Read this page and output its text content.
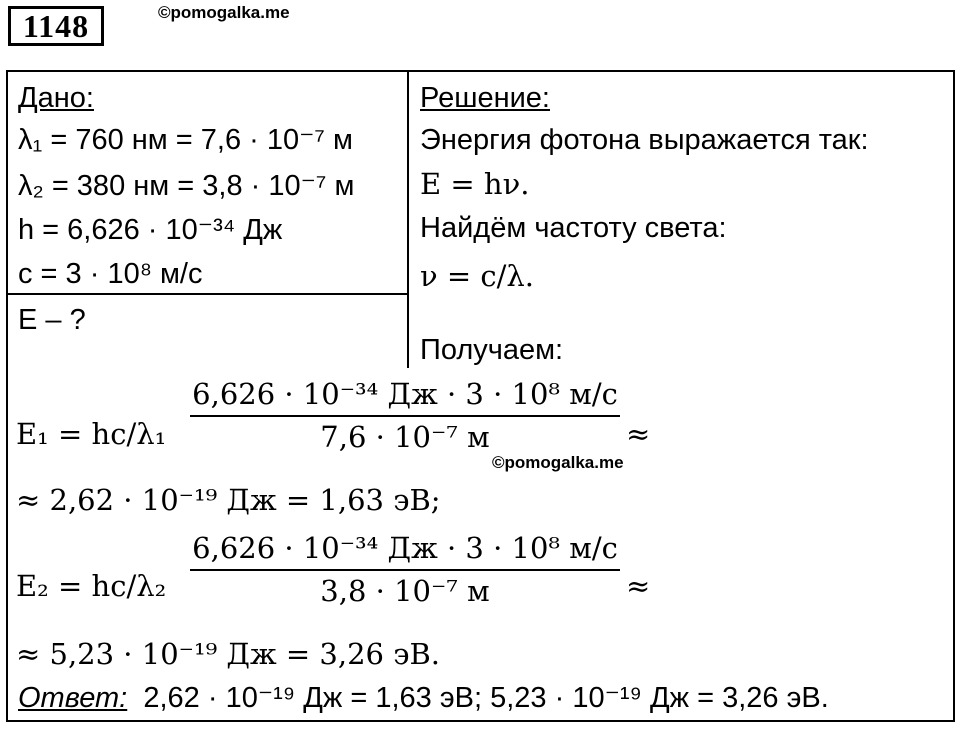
1148	©pomogalka.me
Дано:
λ₁ = 760 нм = 7,6 · 10⁻⁷ м
λ₂ = 380 нм = 3,8 · 10⁻⁷ м
h = 6,626 · 10⁻³⁴ Дж
c = 3 · 10⁸ м/с
E – ?
Решение:
Энергия фотона выражается так:
E = hν.
Найдём частоту света:
ν = c/λ.
Получаем:
E₁ = hc/λ₁
6,626 · 10⁻³⁴ Дж · 3 · 10⁸ м/с
7,6 · 10⁻⁷ м	≈
©pomogalka.me
≈ 2,62 · 10⁻¹⁹ Дж = 1,63 эВ;
E₂ = hc/λ₂
6,626 · 10⁻³⁴ Дж · 3 · 10⁸ м/с
3,8 · 10⁻⁷ м	≈
≈ 5,23 · 10⁻¹⁹ Дж = 3,26 эВ.
Ответ: 2,62 · 10⁻¹⁹ Дж = 1,63 эВ; 5,23 · 10⁻¹⁹ Дж = 3,26 эВ.
